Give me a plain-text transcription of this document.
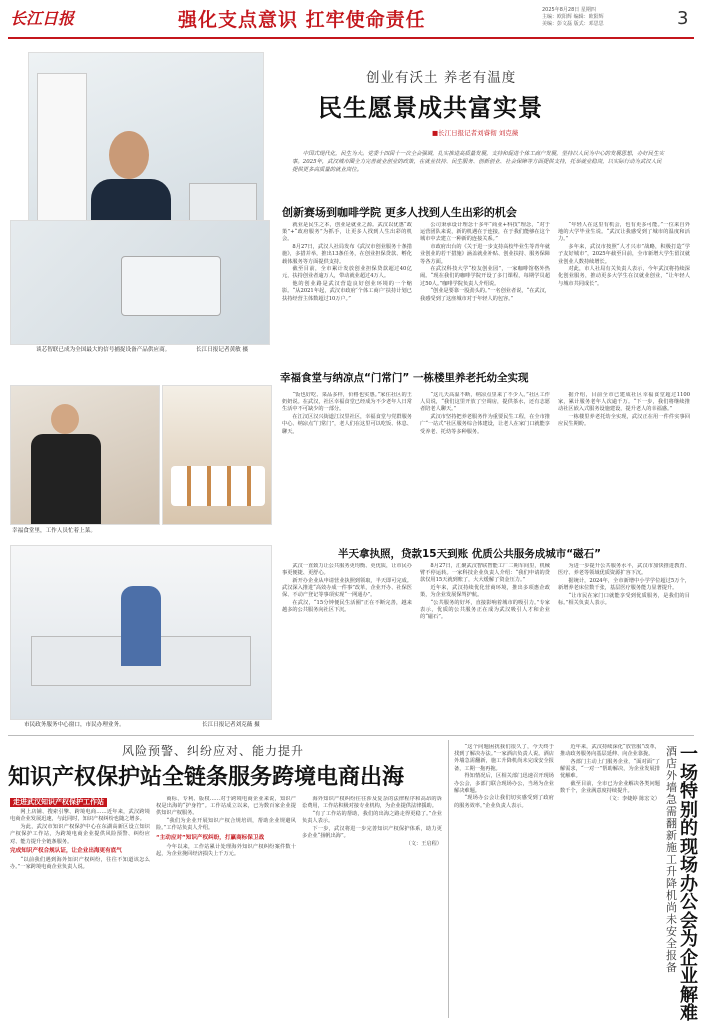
长江日报	强化支点意识 扛牢使命责任	2025年8月28日 星期四
主编：欧阳辉 编辑：欧阳辉
美编：彭文磊 版式：邓思思	3
创业有沃土 养老有温度
民生愿景成共富实景
■长江日报记者刘睿彻 刘克薇
中国式现代化，民生为大。党委十四届十一次全会强调，扎实推进高质量发展，支持和促进个体工商户发展，坚持以人民为中心的发展思想，办好民生实事。2025年，武汉城市圈全力完善就业创业的政策，在就业扶持、民生服务、创新创业、社会保障等方面提供支持，托举就业稳岗，以实际行动为武汉人民提供更多高质量的就业岗位。
创新赛场到咖啡学院 更多人找到人生出彩的机会
谈芯智联已成为全国最大的信号捕捉设备产品供应商。	长江日报记者黄敏 摄

就业是民生之本，创业是就业之源。武汉以优惠“政策”+“政府服务”为抓手，让更多人找到人生出彩的机会。

8月27日，武汉人社局发布《武汉市创业服务十条措施》，多措并举，推出13条任务，在创业担保贷款、孵化载体服务等方面提供支持。

截至目前，全市累计发放创业担保贷款超过40亿元，扶持创业者逾万人，带动就业超过4万人。

他的创业路是武汉营造良好创业环境的一个缩影。“从2021年起，武汉市政府‘个体工商户’扶持计划已扶持经营主体数超过10万户。”

公司秉承设计理念十多年“商业+科技”理念，“对于运营团队来说，新的机遇在于连接，在于我们能够在这个城市中去建立一种新的连接关系。”

市政府出台的《关于进一步支持高校毕业生等青年就业创业的若干措施》涵盖就业补贴、创业扶持、服务保障等各方面。

在武汉科技大学“校友创业园”，一家咖啡馆格外热闹。“现在我们的咖啡学院开设了多门课程，每期学员超过50人。”咖啡学院负责人介绍说。

“创业是要靠一股劲头的。”一名创业者说，“在武汉，我感受到了这座城市对于年轻人的包容。”

“年轻人在这里有机会，也有更多可能。”一位来自外地的大学毕业生说。“武汉让我感受到了城市的温度和活力。”

多年来，武汉市按照“人才兴市”战略，积极打造“学子友好城市”，2025年截至目前，全市新增大学生留汉就业创业人数持续增长。

对此，市人社局有关负责人表示，今年武汉将持续深化创业服务，推动更多大学生在汉就业创业，“让年轻人与城市共同成长”。

幸福食堂与纳凉点“门常门” 一栋楼里养老托幼全实现
幸福食堂里，工作人员忙着上菜。

“饭也好吃、菜品多样，价格也实惠。”家住社区的王奶奶说。在武汉，社区幸福食堂已经成为不少老年人日常生活中不可缺少的一部分。

在江汉区汉兴街道江汉里社区，幸福食堂与党群服务中心、纳凉点“门常门”，老人们在这里可以吃饭、休息、聊天。

“这几天高温不断，纳凉点里来了不少人。”社区工作人员说，“我们这里开放了空调房，提供茶水，还有志愿者陪老人聊天。”

武汉市坚持把养老服务作为重要民生工程，在全市推广“一站式”社区服务综合体建设，让老人在家门口就能享受养老、托幼等多种服务。

据介绍，目前全市已建成社区幸福食堂超过1100家，累计服务老年人次逾千万。“下一步，我们将继续推动社区嵌入式服务设施建设，提升老人的幸福感。”

一栋楼里养老托幼全实现，武汉正在用一件件实事回应民生期盼。

半天拿执照，贷款15天到账 优质公共服务成城市“磁石”
市民政务服务中心窗口，市民办理业务。	长江日报记者刘克薇 摄

武汉一直致力让公共服务更均衡、更优质，让市民办事更便捷、更舒心。

新开办企业从申请营业执照到领取，半天即可完成。武汉深入推进“高效办成一件事”改革，企业开办、社保医保、不动产登记等事项实现“一网通办”。

在武汉，“15分钟便民生活圈”正在不断完善，越来越多的公共服务向社区下沉。

8月27日，汇聚武汉智联智能工厂二期车间里，机械臂不停运转。一家科技企业负责人介绍：“我们申请的贷款仅用15天就到账了，大大缓解了资金压力。”

近年来，武汉持续优化营商环境，推出多项惠企政策，为企业发展保驾护航。

“公共服务的好坏，直接影响着城市的吸引力。”专家表示，优质的公共服务正在成为武汉吸引人才和企业的“磁石”。

为进一步提升公共服务水平，武汉市加快推进教育、医疗、养老等领域优质资源扩容下沉。

据统计，2024年，全市新增中小学学位超过5万个，新增养老床位数千张，基层医疗服务能力显著提升。

“让市民在家门口就能享受到优质服务，是我们的目标。”相关负责人表示。

风险预警、纠纷应对、能力提升
知识产权保护站全链条服务跨境电商出海
走进武汉知识产权保护工作站

网上店铺、搜索引擎、跨境电商……近年来，武汉跨境电商企业发展迅速，与此同时，知识产权纠纷也随之增多。

为此，武汉市知识产权保护中心在东湖高新区设立知识产权保护工作站，为跨境电商企业提供风险预警、纠纷应对、能力提升全链条服务。

完成知识产权合规认证，让企业出海更有底气

“以前我们遇到海外知识产权纠纷，往往不知道该怎么办。”一家跨境电商企业负责人说。

商标、专利、版权……对于跨境电商企业来说，知识产权是出海的“护身符”。工作站成立以来，已为数百家企业提供知识产权服务。

“我们为企业开展知识产权合规培训，帮助企业规避风险。”工作站负责人介绍。

“主动应对”知识产权纠纷，打赢商标保卫战

今年以来，工作站累计处理海外知识产权纠纷案件数十起，为企业挽回经济损失上千万元。

海外知识产权纠纷往往涉及复杂的法律程序和高昂的诉讼费用，工作站积极对接专业机构，为企业提供法律援助。

“有了工作站的帮助，我们的出海之路走得更稳了。”企业负责人表示。

下一步，武汉将进一步完善知识产权保护体系，助力更多企业“扬帆出海”。

（文：王启程）

“这个问题困扰我们很久了，今天终于找到了解决办法。”一家酒店负责人说。酒店外墙急需翻新，施工升降机尚未完成安全报备，工期一拖再拖。

得知情况后，区相关部门迅速召开现场办公会，多部门联合现场办公，当场为企业解决难题。

“现场办公会让我们切实感受到了政府的服务效率。”企业负责人表示。

近年来，武汉持续深化“放管服”改革，推动政务服务向基层延伸、向企业靠拢。

各部门主动上门服务企业，“面对面”了解需求，“一对一”帮助解决，为企业发展排忧解难。

截至目前，全市已为企业解决各类问题数千个，企业满意度持续提升。

（文：李婕婷 陈宏文）

酒店外墙急需翻新施工升降机尚未安全报备
一场特别的现场办公会为企业解难
